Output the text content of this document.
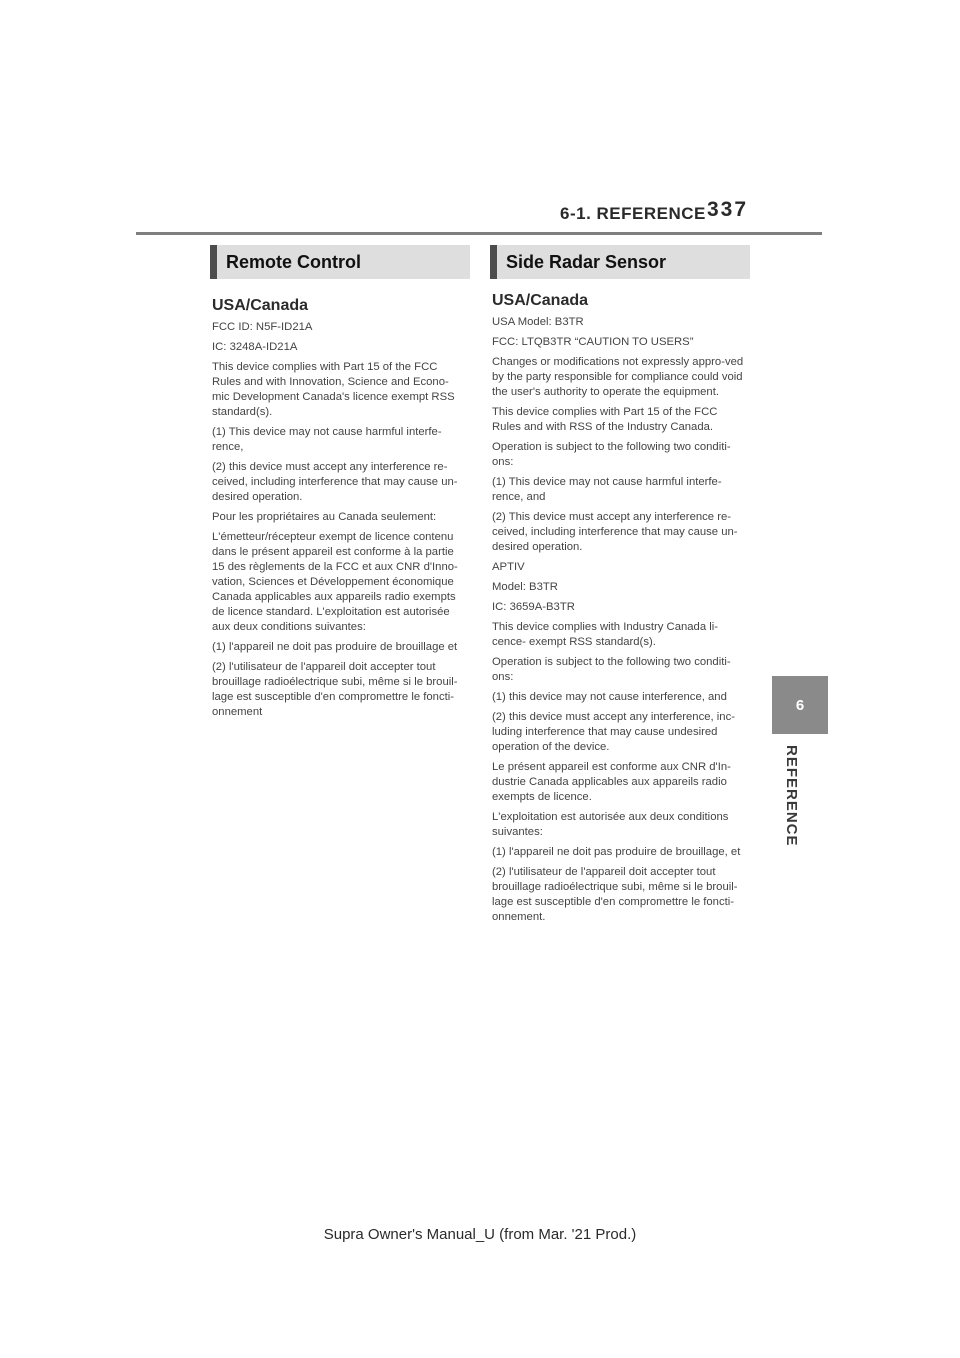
6-1. REFERENCE 337
6
REFERENCE
Remote Control
USA/Canada

FCC ID: N5F-ID21A

IC: 3248A-ID21A

This device complies with Part 15 of the FCC Rules and with Innovation, Science and Econo-mic Development Canada's licence exempt RSS standard(s).

(1) This device may not cause harmful interfe-rence,

(2) this device must accept any interference re-ceived, including interference that may cause un-desired operation.

Pour les propriétaires au Canada seulement:

L'émetteur/récepteur exempt de licence contenu dans le présent appareil est conforme à la partie 15 des règlements de la FCC et aux CNR d'Inno-vation, Sciences et Développement économique Canada applicables aux appareils radio exempts de licence standard. L'exploitation est autorisée aux deux conditions suivantes:

(1) l'appareil ne doit pas produire de brouillage et

(2) l'utilisateur de l'appareil doit accepter tout brouillage radioélectrique subi, même si le brouil-lage est susceptible d'en compromettre le foncti-onnement

Side Radar Sensor
USA/Canada

USA Model: B3TR

FCC: LTQB3TR “CAUTION TO USERS”

Changes or modifications not expressly appro-ved by the party responsible for compliance could void the user's authority to operate the equipment.

This device complies with Part 15 of the FCC Rules and with RSS of the Industry Canada.

Operation is subject to the following two conditi-ons:

(1) This device may not cause harmful interfe-rence, and

(2) This device must accept any interference re-ceived, including interference that may cause un-desired operation.

APTIV

Model: B3TR

IC: 3659A-B3TR

This device complies with Industry Canada li-cence- exempt RSS standard(s).

Operation is subject to the following two conditi-ons:

(1) this device may not cause interference, and

(2) this device must accept any interference, inc-luding interference that may cause undesired operation of the device.

Le présent appareil est conforme aux CNR d'In-dustrie Canada applicables aux appareils radio exempts de licence.

L'exploitation est autorisée aux deux conditions suivantes:

(1) l'appareil ne doit pas produire de brouillage, et

(2) l'utilisateur de l'appareil doit accepter tout brouillage radioélectrique subi, même si le brouil-lage est susceptible d'en compromettre le foncti-onnement.

Supra Owner's Manual_U (from Mar. '21 Prod.)
